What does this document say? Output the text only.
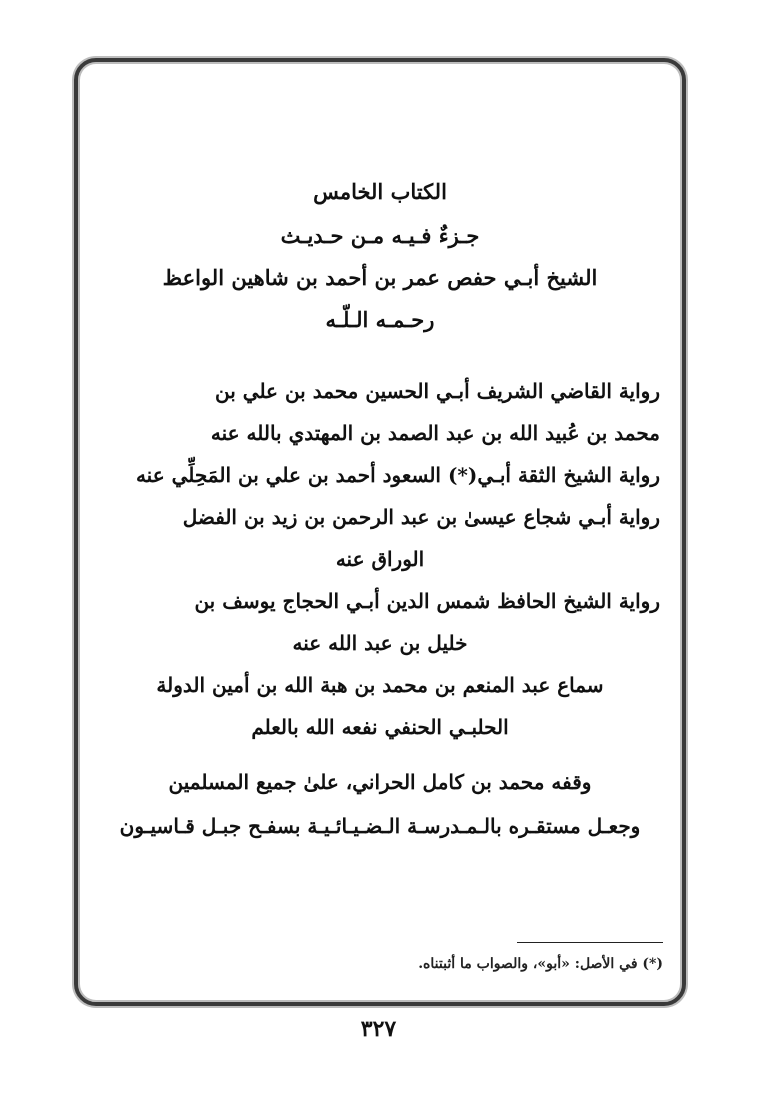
الكتاب الخامس
جـزءٌ فـيـه مـن حـديـث
الشيخ أبـي حفص عمر بن أحمد بن شاهين الواعظ
رحـمـه الـلّـه
رواية القاضي الشريف أبـي الحسين محمد بن علي بن
محمد بن عُبيد الله بن عبد الصمد بن المهتدي بالله عنه
رواية الشيخ الثقة أبـي(*) السعود أحمد بن علي بن المَحِلِّي عنه
رواية أبـي شجاع عيسىٰ بن عبد الرحمن بن زيد بن الفضل
الوراق عنه
رواية الشيخ الحافظ شمس الدين أبـي الحجاج يوسف بن
خليل بن عبد الله عنه
سماع عبد المنعم بن محمد بن هبة الله بن أمين الدولة
الحلبـي الحنفي نفعه الله بالعلم
وقفه محمد بن كامل الحراني، علىٰ جميع المسلمين
وجعـل مستقـره بالـمـدرسـة الـضـيـائـيـة بسفـح جبـل قـاسيـون
(*) في الأصل: «أبو»، والصواب ما أثبتناه.
٣٢٧
